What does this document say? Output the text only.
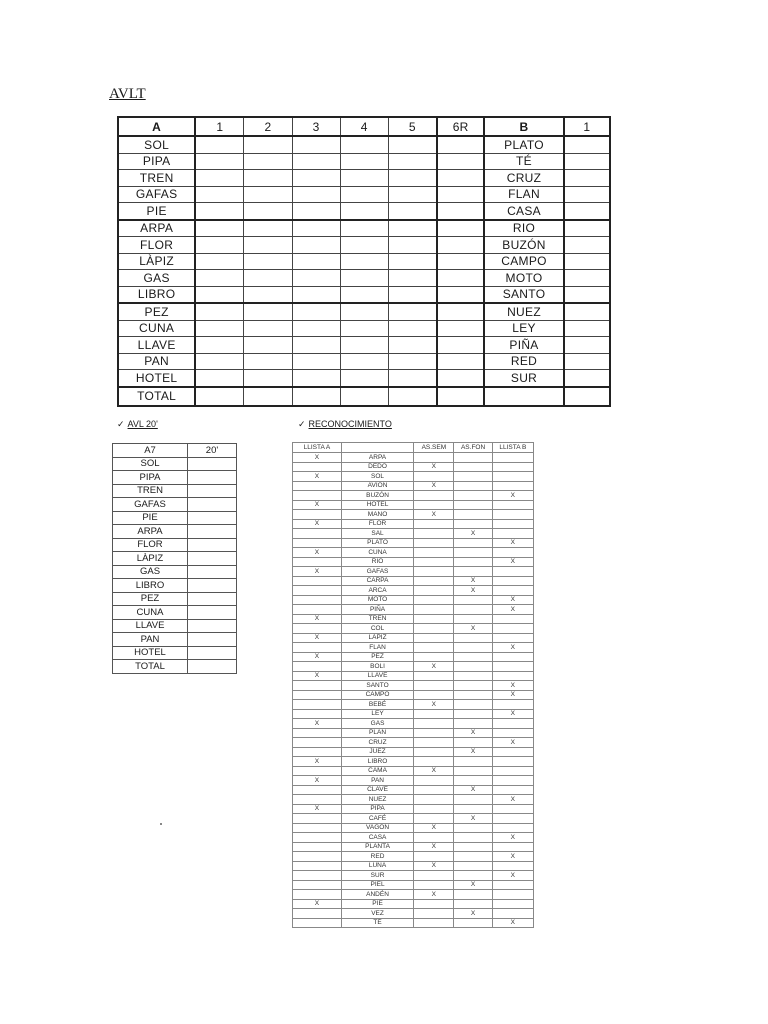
AVLT
A	1	2	3	4	5	6R	B	1
SOL							PLATO	
PIPA							TÉ	
TREN							CRUZ	
GAFAS							FLAN	
PIE							CASA	
ARPA							RIO	
FLOR							BUZÓN	
LÀPIZ							CAMPO	
GAS							MOTO	
LIBRO							SANTO	
PEZ							NUEZ	
CUNA							LEY	
LLAVE							PIÑA	
PAN							RED	
HOTEL							SUR	
TOTAL								
✓ AVL 20'
A7	20'
SOL	
PIPA	
TREN	
GAFAS	
PIE	
ARPA	
FLOR	
LÀPIZ	
GAS	
LIBRO	
PEZ	
CUNA	
LLAVE	
PAN	
HOTEL	
TOTAL	
✓ RECONOCIMIENTO
LLISTA A		AS.SEM	AS.FON	LLISTA B
X	ARPA			
	DEDO	X		
X	SOL			
	AVIÓN	X		
	BUZÓN			X
X	HOTEL			
	MANO	X		
X	FLOR			
	SAL		X	
	PLATO			X
X	CUNA			
	RIO			X
X	GAFAS			
	CARPA		X	
	ARCA		X	
	MOTO			X
	PIÑA			X
X	TREN			
	COL		X	
X	LÁPIZ			
	FLAN			X
X	PEZ			
	BOLI	X		
X	LLAVE			
	SANTO			X
	CAMPO			X
	BEBÉ	X		
	LEY			X
X	GAS			
	PLAN		X	
	CRUZ			X
	JUEZ		X	
X	LIBRO			
	CAMA	X		
X	PAN			
	CLAVE		X	
	NUEZ			X
X	PIPA			
	CAFÉ		X	
	VAGÓN	X		
	CASA			X
	PLANTA	X		
	RED			X
	LUNA	X		
	SUR			X
	PIEL		X	
	ANDÉN	X		
X	PIE			
	VEZ		X	
	TÉ			X
